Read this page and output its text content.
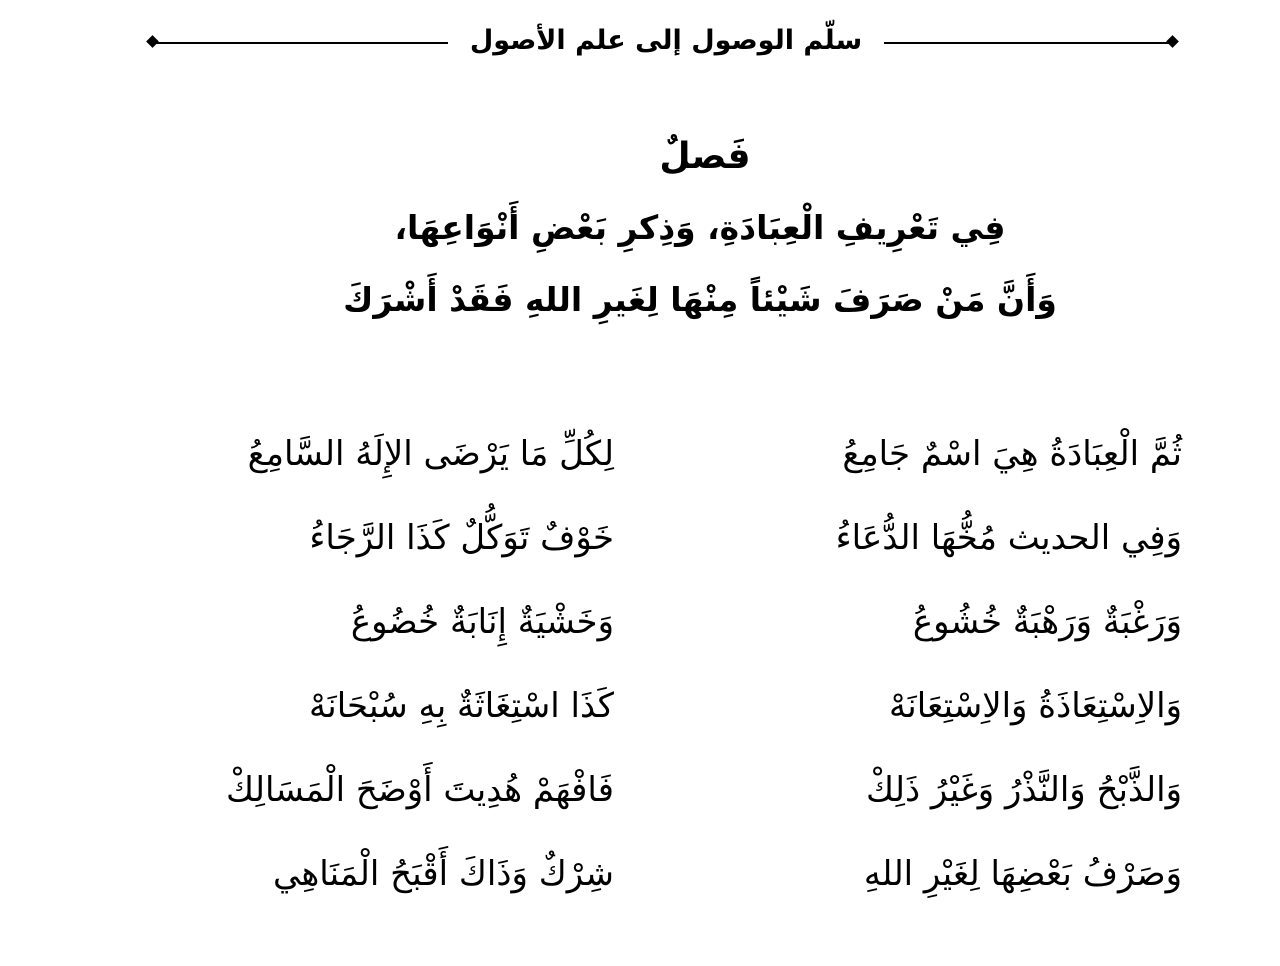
سلّم الوصول إلى علم الأصول
فَصلٌ
فِي تَعْرِيفِ الْعِبَادَةِ، وَذِكرِ بَعْضِ أَنْوَاعِهَا،
وَأَنَّ مَنْ صَرَفَ شَيْئاً مِنْهَا لِغَيرِ اللهِ فَقَدْ أَشْرَكَ
ثُمَّ الْعِبَادَةُ هِيَ اسْمٌ جَامِعُ
لِكُلِّ مَا يَرْضَى الإِلَهُ السَّامِعُ
وَفِي الحديث مُخُّهَا الدُّعَاءُ
خَوْفٌ تَوَكُّلٌ كَذَا الرَّجَاءُ
وَرَغْبَةٌ وَرَهْبَةٌ خُشُوعُ
وَخَشْيَةٌ إِنَابَةٌ خُضُوعُ
وَالاِسْتِعَاذَةُ وَالاِسْتِعَانَهْ
كَذَا اسْتِغَاثَةٌ بِهِ سُبْحَانَهْ
وَالذَّبْحُ وَالنَّذْرُ وَغَيْرُ ذَلِكْ
فَافْهَمْ هُدِيتَ أَوْضَحَ الْمَسَالِكْ
وَصَرْفُ بَعْضِهَا لِغَيْرِ اللهِ
شِرْكٌ وَذَاكَ أَقْبَحُ الْمَنَاهِي
